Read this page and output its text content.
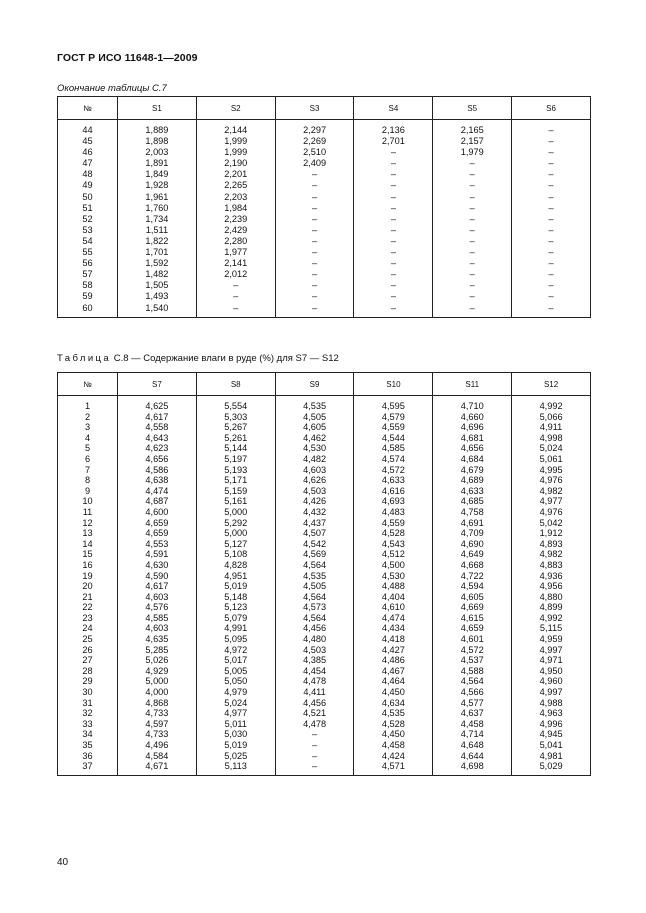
ГОСТ Р ИСО 11648-1—2009
Окончание таблицы С.7
№	S1	S2	S3	S4	S5	S6
44	1,889	2,144	2,297	2,136	2,165	–
45	1,898	1,999	2,269	2,701	2,157	–
46	2,003	1,999	2,510	–	1,979	–
47	1,891	2,190	2,409	–	–	–
48	1,849	2,201	–	–	–	–
49	1,928	2,265	–	–	–	–
50	1,961	2,203	–	–	–	–
51	1,760	1,984	–	–	–	–
52	1,734	2,239	–	–	–	–
53	1,511	2,429	–	–	–	–
54	1,822	2,280	–	–	–	–
55	1,701	1,977	–	–	–	–
56	1,592	2,141	–	–	–	–
57	1,482	2,012	–	–	–	–
58	1,505	–	–	–	–	–
59	1,493	–	–	–	–	–
60	1,540	–	–	–	–	–
Таблица С.8 — Содержание влаги в руде (%) для S7 — S12
№	S7	S8	S9	S10	S11	S12
1	4,625	5,554	4,535	4,595	4,710	4,992
2	4,617	5,303	4,505	4,579	4,660	5,066
3	4,558	5,267	4,605	4,559	4,696	4,911
4	4,643	5,261	4,462	4,544	4,681	4,998
5	4,623	5,144	4,530	4,585	4,656	5,024
6	4,656	5,197	4,482	4,574	4,684	5,061
7	4,586	5,193	4,603	4,572	4,679	4,995
8	4,638	5,171	4,626	4,633	4,689	4,976
9	4,474	5,159	4,503	4,616	4,633	4,982
10	4,687	5,161	4,426	4,693	4,685	4,977
11	4,600	5,000	4,432	4,483	4,758	4,976
12	4,659	5,292	4,437	4,559	4,691	5,042
13	4,659	5,000	4,507	4,528	4,709	1,912
14	4,553	5,127	4,542	4,543	4,690	4,893
15	4,591	5,108	4,569	4,512	4,649	4,982
16	4,630	4,828	4,564	4,500	4,668	4,883
19	4,590	4,951	4,535	4,530	4,722	4,936
20	4,617	5,019	4,505	4,488	4,594	4,956
21	4,603	5,148	4,564	4,404	4,605	4,880
22	4,576	5,123	4,573	4,610	4,669	4,899
23	4,585	5,079	4,564	4,474	4,615	4,992
24	4,603	4,991	4,456	4,434	4,659	5,115
25	4,635	5,095	4,480	4,418	4,601	4,959
26	5,285	4,972	4,503	4,427	4,572	4,997
27	5,026	5,017	4,385	4,486	4,537	4,971
28	4,929	5,005	4,454	4,467	4,588	4,950
29	5,000	5,050	4,478	4,464	4,564	4,960
30	4,000	4,979	4,411	4,450	4,566	4,997
31	4,868	5,024	4,456	4,634	4,577	4,988
32	4,733	4,977	4,521	4,535	4,637	4,963
33	4,597	5,011	4,478	4,528	4,458	4,996
34	4,733	5,030	–	4,450	4,714	4,945
35	4,496	5,019	–	4,458	4,648	5,041
36	4,584	5,025	–	4,424	4,644	4,981
37	4,671	5,113	–	4,571	4,698	5,029
40
